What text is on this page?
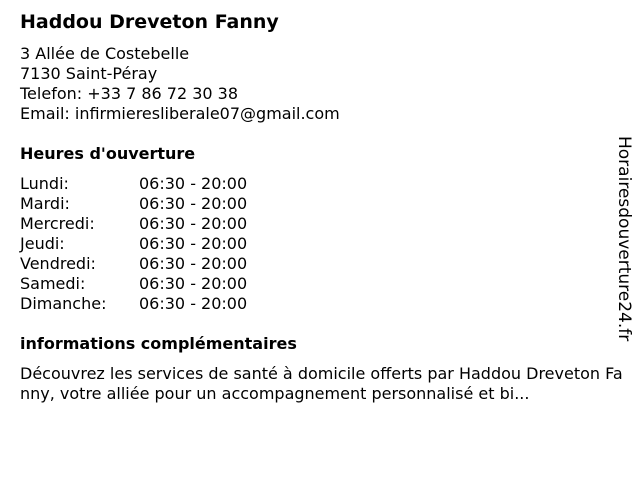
Haddou Dreveton Fanny
3 Allée de Costebelle
7130 Saint-Péray
Telefon: +33 7 86 72 30 38
Email: infirmieresliberale07@gmail.com
Heures d'ouverture
Lundi:	06:30 - 20:00
Mardi:	06:30 - 20:00
Mercredi:	06:30 - 20:00
Jeudi:	06:30 - 20:00
Vendredi:	06:30 - 20:00
Samedi:	06:30 - 20:00
Dimanche:	06:30 - 20:00
informations complémentaires
Découvrez les services de santé à domicile offerts par Haddou Dreveton Fanny, votre alliée pour un accompagnement personnalisé et bi...
Horairesdouverture24.fr
